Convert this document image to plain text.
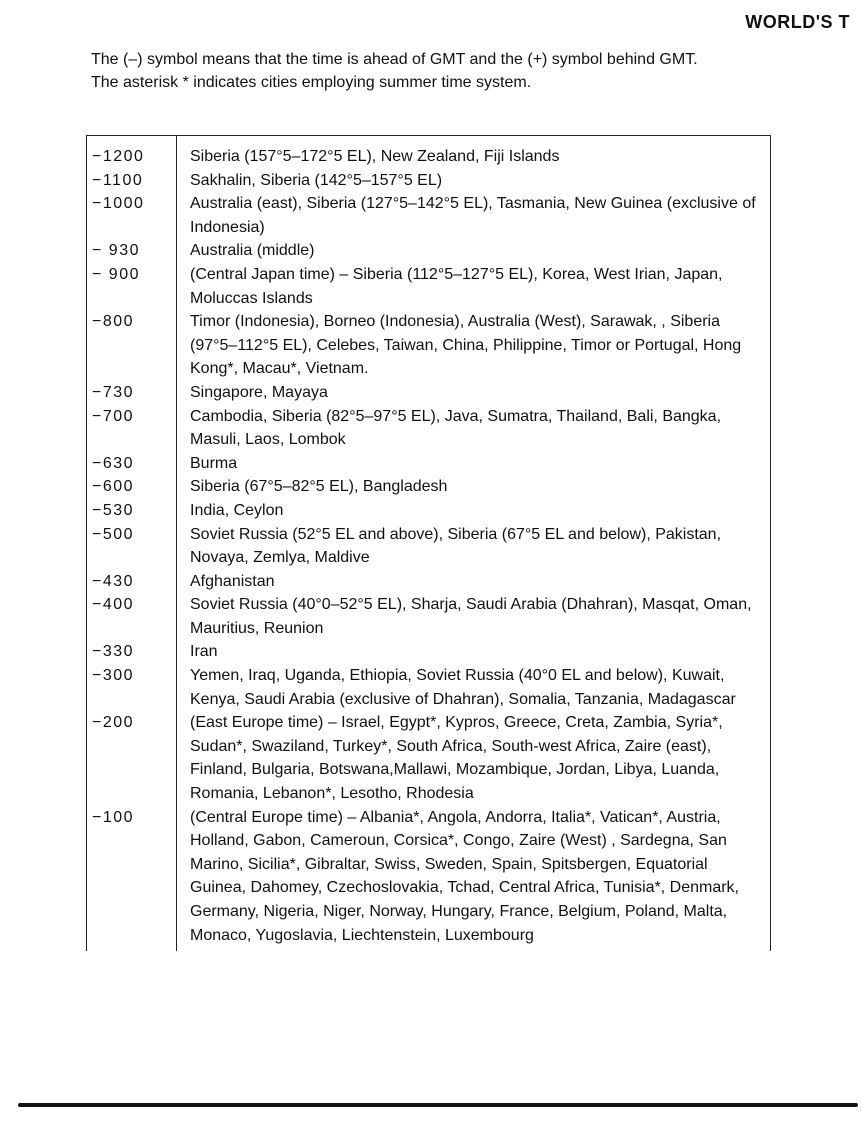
WORLD'S T

The (–) symbol means that the time is ahead of GMT and the (+) symbol behind GMT.

The asterisk * indicates cities employing summer time system.

−1200	Siberia (157°5–172°5 EL), New Zealand, Fiji Islands
−1100	Sakhalin, Siberia (142°5–157°5 EL)
−1000	Australia (east), Siberia (127°5–142°5 EL), Tasmania, New Guinea (exclusive of Indonesia)
− 930	Australia (middle)
− 900	(Central Japan time) – Siberia (112°5–127°5 EL), Korea, West Irian, Japan, Moluccas Islands
−800	Timor (Indonesia), Borneo (Indonesia), Australia (West), Sarawak, , Siberia (97°5–112°5 EL), Celebes, Taiwan, China, Philippine, Timor or Portugal, Hong Kong*, Macau*, Vietnam.
−730	Singapore, Mayaya
−700	Cambodia, Siberia (82°5–97°5 EL), Java, Sumatra, Thailand, Bali, Bangka, Masuli, Laos, Lombok
−630	Burma
−600	Siberia (67°5–82°5 EL), Bangladesh
−530	India, Ceylon
−500	Soviet Russia (52°5 EL and above), Siberia (67°5 EL and below), Pakistan, Novaya, Zemlya, Maldive
−430	Afghanistan
−400	Soviet Russia (40°0–52°5 EL), Sharja, Saudi Arabia (Dhahran), Masqat, Oman, Mauritius, Reunion
−330	Iran
−300	Yemen, Iraq, Uganda, Ethiopia, Soviet Russia (40°0 EL and below), Kuwait, Kenya, Saudi Arabia (exclusive of Dhahran), Somalia, Tanzania, Madagascar
−200	(East Europe time) – Israel, Egypt*, Kypros, Greece, Creta, Zambia, Syria*, Sudan*, Swaziland, Turkey*, South Africa, South-west Africa, Zaire (east), Finland, Bulgaria, Botswana,Mallawi, Mozambique, Jordan, Libya, Luanda, Romania, Lebanon*, Lesotho, Rhodesia
−100	(Central Europe time) – Albania*, Angola, Andorra, Italia*, Vatican*, Austria, Holland, Gabon, Cameroun, Corsica*, Congo, Zaire (West) , Sardegna, San Marino, Sicilia*, Gibraltar, Swiss, Sweden, Spain, Spitsbergen, Equatorial Guinea, Dahomey, Czechoslovakia, Tchad, Central Africa, Tunisia*, Denmark, Germany, Nigeria, Niger, Norway, Hungary, France, Belgium, Poland, Malta, Monaco, Yugoslavia, Liechtenstein, Luxembourg
